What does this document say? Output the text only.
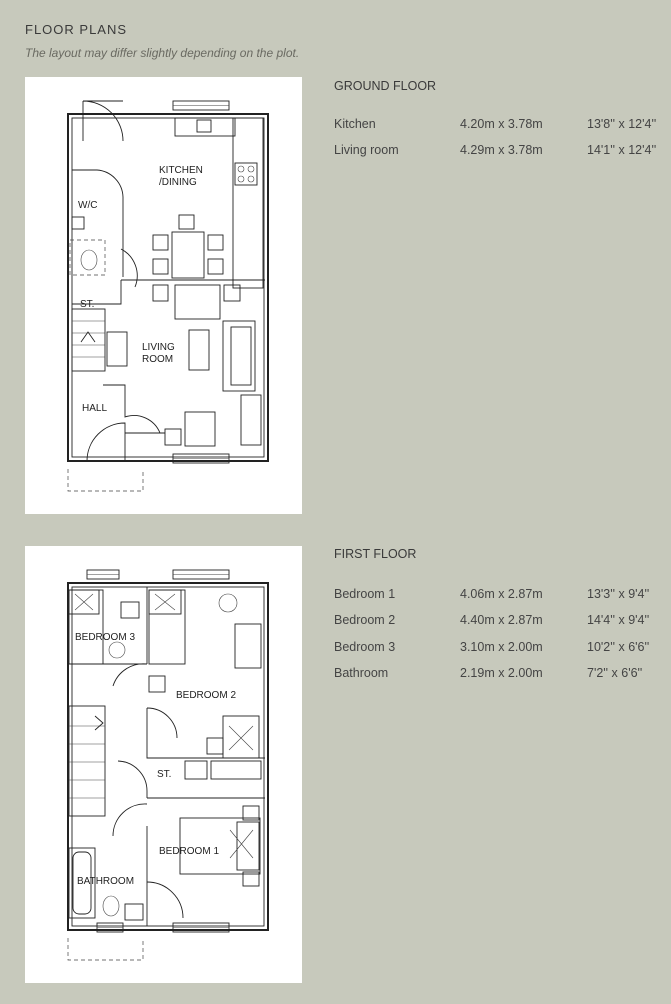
FLOOR PLANS
The layout may differ slightly depending on the plot.
KITCHEN
/DINING
W/C
ST.
LIVING
ROOM
HALL
BEDROOM 3
BEDROOM 2
ST.
BEDROOM 1
BATHROOM
GROUND FLOOR
Kitchen	4.20m x 3.78m	13'8'' x 12'4''
Living room	4.29m x 3.78m	14'1'' x 12'4''
FIRST FLOOR
Bedroom 1	4.06m x 2.87m	13'3'' x 9'4''
Bedroom 2	4.40m x 2.87m	14'4'' x 9'4''
Bedroom 3	3.10m x 2.00m	10'2'' x 6'6''
Bathroom	2.19m x 2.00m	7'2'' x 6'6''
